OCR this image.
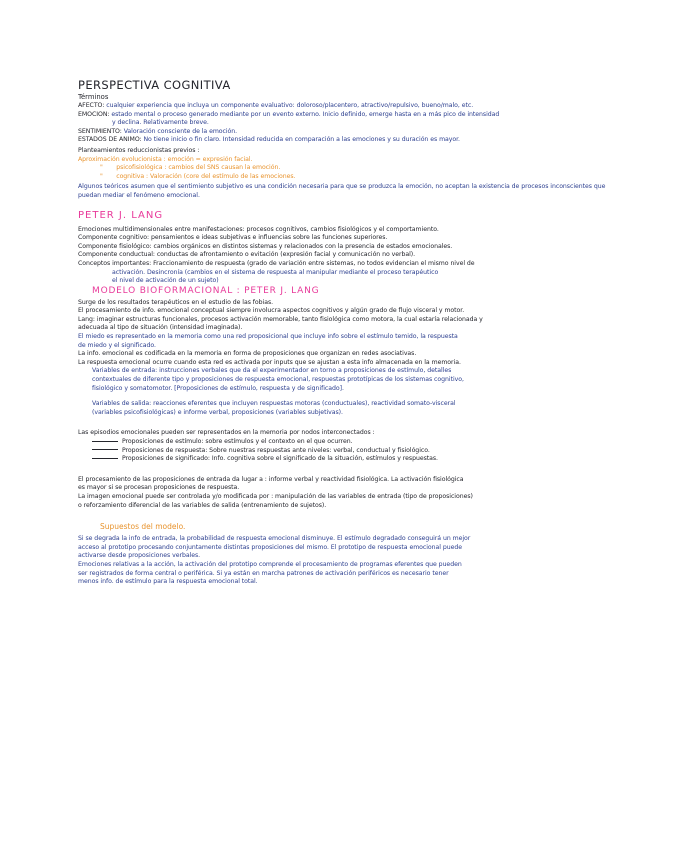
PERSPECTIVA COGNITIVA
Términos
AFECTO: cualquier experiencia que incluya un componente evaluativo: doloroso/placentero, atractivo/repulsivo, bueno/malo, etc.
EMOCIÓN: estado mental o proceso generado mediante por un evento externo. Inicio definido, emerge hasta en a más pico de intensidad
y declina. Relativamente breve.
SENTIMIENTO: Valoración consciente de la emoción.
ESTADOS DE ÁNIMO: No tiene inicio o fin claro. Intensidad reducida en comparación a las emociones y su duración es mayor.
Planteamientos reduccionistas previos :
Aproximación evolucionista : emoción = expresión facial.
" psicofisiológica : cambios del SNS causan la emoción.
" cognitiva : Valoración (core del estímulo de las emociones.
Algunos teóricos asumen que el sentimiento subjetivo es una condición necesaria para que se produzca la emoción, no aceptan la existencia de procesos inconscientes que puedan mediar el fenómeno emocional.
PETER J. LANG
Emociones multidimensionales entre manifestaciones: procesos cognitivos, cambios fisiológicos y el comportamiento.
Componente cognitivo: pensamientos e ideas subjetivas e influencias sobre las funciones superiores.
Componente fisiológico: cambios orgánicos en distintos sistemas y relacionados con la presencia de estados emocionales.
Componente conductual: conductas de afrontamiento o evitación (expresión facial y comunicación no verbal).
Conceptos importantes: Fraccionamiento de respuesta (grado de variación entre sistemas, no todos evidencian el mismo nivel de
activación. Desincronía (cambios en el sistema de respuesta al manipular mediante el proceso terapéutico
el nivel de activación de un sujeto)
MODELO BIOFORMACIONAL : PETER J. LANG
Surge de los resultados terapéuticos en el estudio de las fobias.
El procesamiento de info. emocional conceptual siempre involucra aspectos cognitivos y algún grado de flujo visceral y motor.
Lang: imaginar estructuras funcionales, procesos activación memorable, tanto fisiológica como motora, la cual estaría relacionada y
adecuada al tipo de situación (intensidad imaginada).
El miedo es representado en la memoria como una red proposicional que incluye info sobre el estímulo temido, la respuesta
de miedo y el significado.
La info. emocional es codificada en la memoria en forma de proposiciones que organizan en redes asociativas.
La respuesta emocional ocurre cuando esta red es activada por inputs que se ajustan a esta info almacenada en la memoria.
Variables de entrada: instrucciones verbales que da el experimentador en torno a proposiciones de estímulo, detalles
contextuales de diferente tipo y proposiciones de respuesta emocional, respuestas prototípicas de los sistemas cognitivo,
fisiológico y somatomotor. [Proposiciones de estímulo, respuesta y de significado].
Variables de salida: reacciones eferentes que incluyen respuestas motoras (conductuales), reactividad somato-visceral
(variables psicofisiológicas) e informe verbal, proposiciones (variables subjetivas).
Las episodios emocionales pueden ser representados en la memoria por nodos interconectados :
Proposiciones de estímulo: sobre estímulos y el contexto en el que ocurren.
Proposiciones de respuesta: Sobre nuestras respuestas ante niveles: verbal, conductual y fisiológico.
Proposiciones de significado: Info. cognitiva sobre el significado de la situación, estímulos y respuestas.
El procesamiento de las proposiciones de entrada da lugar a : informe verbal y reactividad fisiológica. La activación fisiológica
es mayor si se procesan proposiciones de respuesta.
La imagen emocional puede ser controlada y/o modificada por : manipulación de las variables de entrada (tipo de proposiciones)
o reforzamiento diferencial de las variables de salida (entrenamiento de sujetos).
Supuestos del modelo.
Si se degrada la info de entrada, la probabilidad de respuesta emocional disminuye. El estímulo degradado conseguirá un mejor
acceso al prototipo procesando conjuntamente distintas proposiciones del mismo. El prototipo de respuesta emocional puede
activarse desde proposiciones verbales.
Emociones relativas a la acción, la activación del prototipo comprende el procesamiento de programas eferentes que pueden
ser registrados de forma central o periférica. Si ya están en marcha patrones de activación periféricos es necesario tener
menos info. de estímulo para la respuesta emocional total.
